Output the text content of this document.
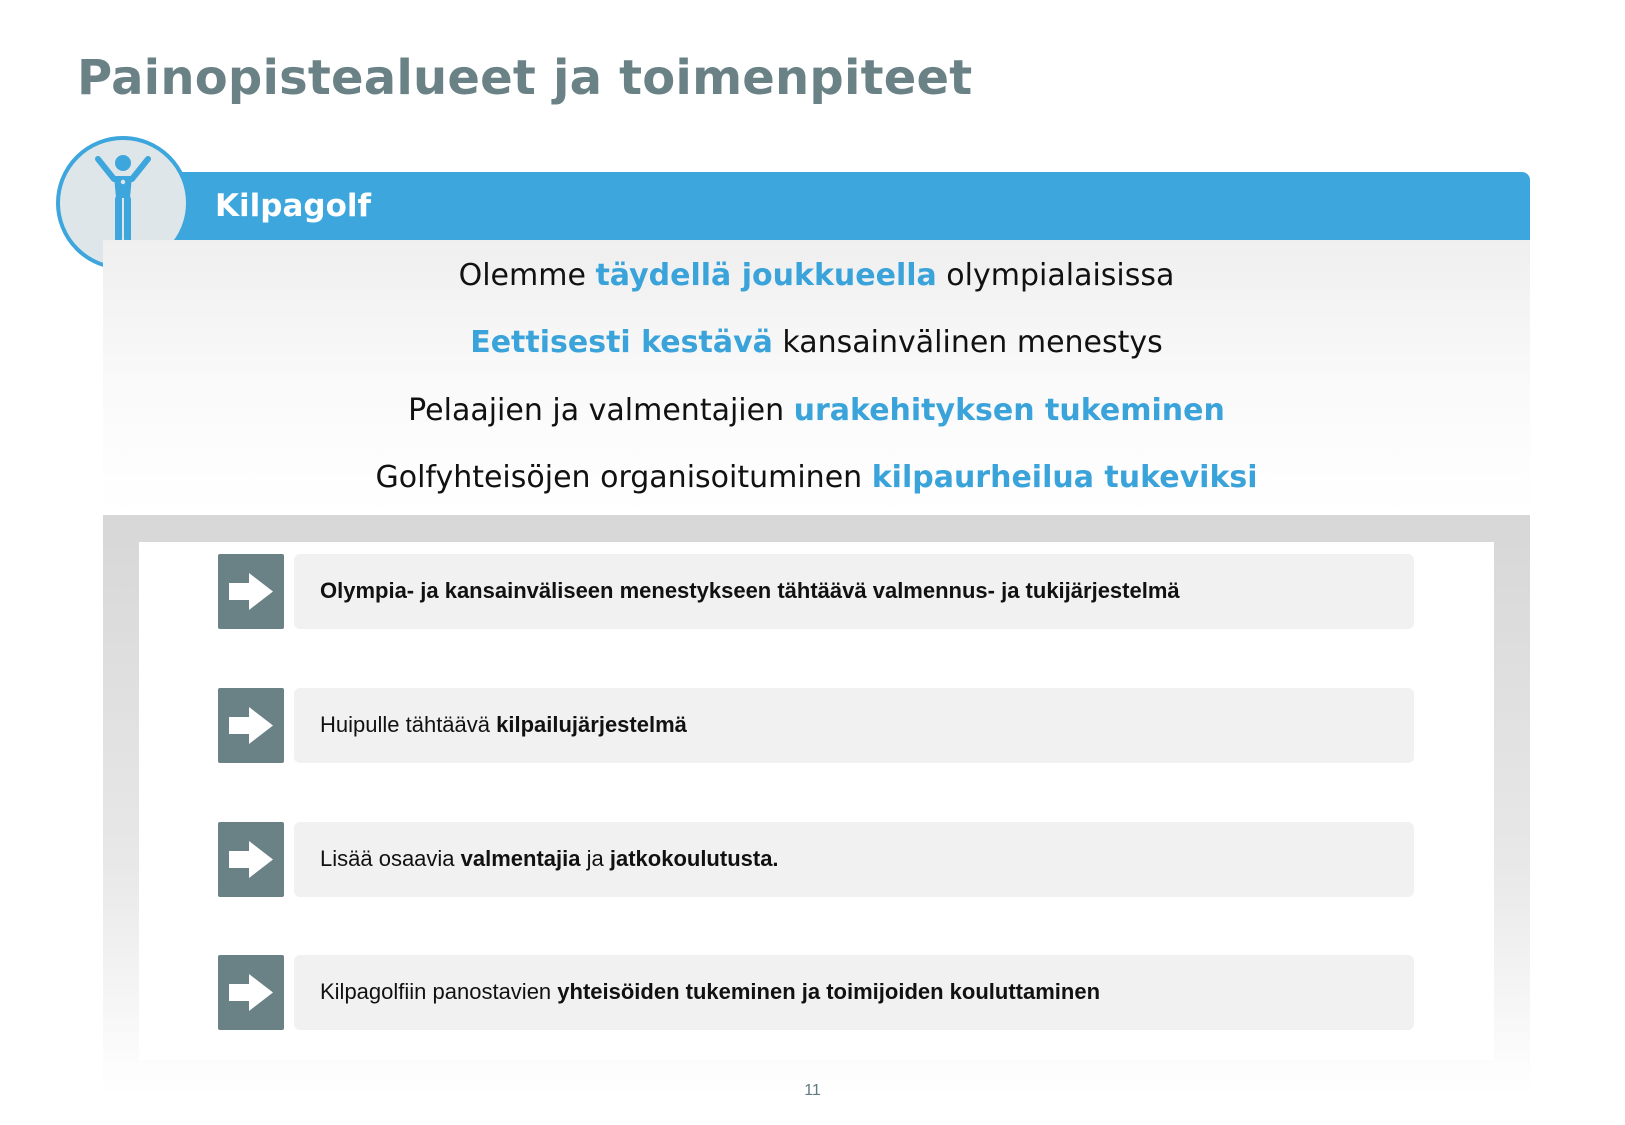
Painopistealueet ja toimenpiteet
Kilpagolf
Olemme täydellä joukkueella olympialaisissa
Eettisesti kestävä kansainvälinen menestys
Pelaajien ja valmentajien urakehityksen tukeminen
Golfyhteisöjen organisoituminen kilpaurheilua tukeviksi
Olympia- ja kansainväliseen menestykseen tähtäävä valmennus- ja tukijärjestelmä
Huipulle tähtäävä kilpailujärjestelmä
Lisää osaavia valmentajia ja jatkokoulutusta.
Kilpagolfiin panostavien yhteisöiden tukeminen ja toimijoiden kouluttaminen
11
